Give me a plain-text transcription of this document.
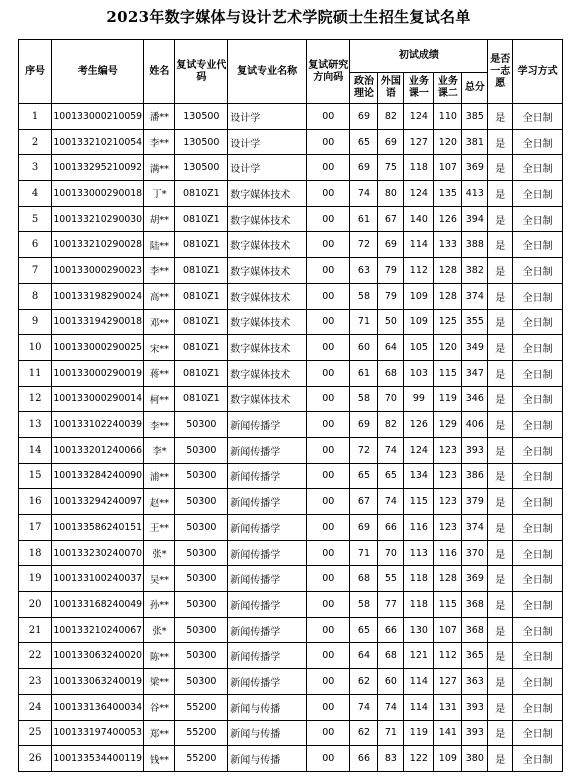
2023年数字媒体与设计艺术学院硕士生招生复试名单
序号	考生编号	姓名	复试专业代码	复试专业名称	复试研究方向码	初试成绩					是否一志愿	学习方式
						政治理论	外国语	业务课一	业务课二	总分		
1	100133000210059	潘**	130500	设计学	00	69	82	124	110	385	是	全日制
2	100133210210054	李**	130500	设计学	00	65	69	127	120	381	是	全日制
3	100133295210092	满**	130500	设计学	00	69	75	118	107	369	是	全日制
4	100133000290018	丁*	0810Z1	数字媒体技术	00	74	80	124	135	413	是	全日制
5	100133210290030	胡**	0810Z1	数字媒体技术	00	61	67	140	126	394	是	全日制
6	100133210290028	陆**	0810Z1	数字媒体技术	00	72	69	114	133	388	是	全日制
7	100133000290023	李**	0810Z1	数字媒体技术	00	63	79	112	128	382	是	全日制
8	100133198290024	高**	0810Z1	数字媒体技术	00	58	79	109	128	374	是	全日制
9	100133194290018	邓**	0810Z1	数字媒体技术	00	71	50	109	125	355	是	全日制
10	100133000290025	宋**	0810Z1	数字媒体技术	00	60	64	105	120	349	是	全日制
11	100133000290019	蒋**	0810Z1	数字媒体技术	00	61	68	103	115	347	是	全日制
12	100133000290014	柯**	0810Z1	数字媒体技术	00	58	70	99	119	346	是	全日制
13	100133102240039	李**	50300	新闻传播学	00	69	82	126	129	406	是	全日制
14	100133201240066	李*	50300	新闻传播学	00	72	74	124	123	393	是	全日制
15	100133284240090	浦**	50300	新闻传播学	00	65	65	134	123	386	是	全日制
16	100133294240097	赵**	50300	新闻传播学	00	67	74	115	123	379	是	全日制
17	100133586240151	王**	50300	新闻传播学	00	69	66	116	123	374	是	全日制
18	100133230240070	张*	50300	新闻传播学	00	71	70	113	116	370	是	全日制
19	100133100240037	吴**	50300	新闻传播学	00	68	55	118	128	369	是	全日制
20	100133168240049	孙**	50300	新闻传播学	00	58	77	118	115	368	是	全日制
21	100133210240067	张*	50300	新闻传播学	00	65	66	130	107	368	是	全日制
22	100133063240020	陈**	50300	新闻传播学	00	64	68	121	112	365	是	全日制
23	100133063240019	梁**	50300	新闻传播学	00	62	60	114	127	363	是	全日制
24	100133136400034	谷**	55200	新闻与传播	00	74	74	114	131	393	是	全日制
25	100133197400053	郑**	55200	新闻与传播	00	62	71	119	141	393	是	全日制
26	100133534400119	钱**	55200	新闻与传播	00	66	83	122	109	380	是	全日制
